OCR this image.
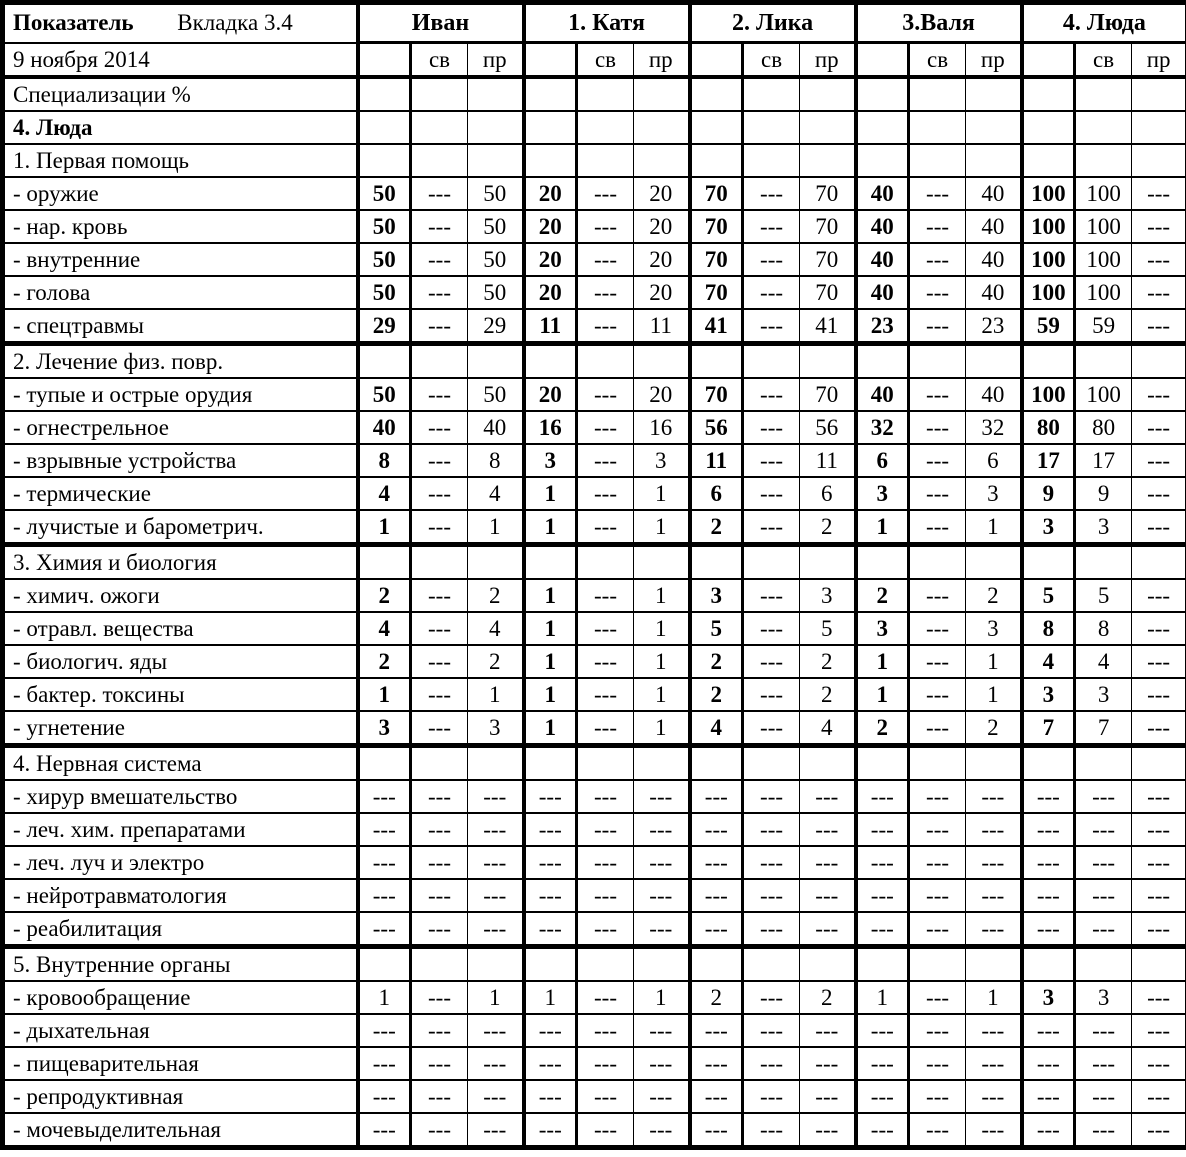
Показатель Вкладка 3.4	Иван			1. Катя			2. Лика			3.Валя			4. Люда		
9 ноября 2014		св	пр		св	пр		св	пр		св	пр		св	пр
Специализации %															
4. Люда															
1. Первая помощь															
- оружие	50	---	50	20	---	20	70	---	70	40	---	40	100	100	---
- нар. кровь	50	---	50	20	---	20	70	---	70	40	---	40	100	100	---
- внутренние	50	---	50	20	---	20	70	---	70	40	---	40	100	100	---
- голова	50	---	50	20	---	20	70	---	70	40	---	40	100	100	---
- спецтравмы	29	---	29	11	---	11	41	---	41	23	---	23	59	59	---
2. Лечение физ. повр.															
- тупые и острые орудия	50	---	50	20	---	20	70	---	70	40	---	40	100	100	---
- огнестрельное	40	---	40	16	---	16	56	---	56	32	---	32	80	80	---
- взрывные устройства	8	---	8	3	---	3	11	---	11	6	---	6	17	17	---
- термические	4	---	4	1	---	1	6	---	6	3	---	3	9	9	---
- лучистые и барометрич.	1	---	1	1	---	1	2	---	2	1	---	1	3	3	---
3. Химия и биология															
- химич. ожоги	2	---	2	1	---	1	3	---	3	2	---	2	5	5	---
- отравл. вещества	4	---	4	1	---	1	5	---	5	3	---	3	8	8	---
- биологич. яды	2	---	2	1	---	1	2	---	2	1	---	1	4	4	---
- бактер. токсины	1	---	1	1	---	1	2	---	2	1	---	1	3	3	---
- угнетение	3	---	3	1	---	1	4	---	4	2	---	2	7	7	---
4. Нервная система															
- хирур вмешательство	---	---	---	---	---	---	---	---	---	---	---	---	---	---	---
- леч. хим. препаратами	---	---	---	---	---	---	---	---	---	---	---	---	---	---	---
- леч. луч и электро	---	---	---	---	---	---	---	---	---	---	---	---	---	---	---
- нейротравматология	---	---	---	---	---	---	---	---	---	---	---	---	---	---	---
- реабилитация	---	---	---	---	---	---	---	---	---	---	---	---	---	---	---
5. Внутренние органы															
- кровообращение	1	---	1	1	---	1	2	---	2	1	---	1	3	3	---
- дыхательная	---	---	---	---	---	---	---	---	---	---	---	---	---	---	---
- пищеварительная	---	---	---	---	---	---	---	---	---	---	---	---	---	---	---
- репродуктивная	---	---	---	---	---	---	---	---	---	---	---	---	---	---	---
- мочевыделительная	---	---	---	---	---	---	---	---	---	---	---	---	---	---	---
